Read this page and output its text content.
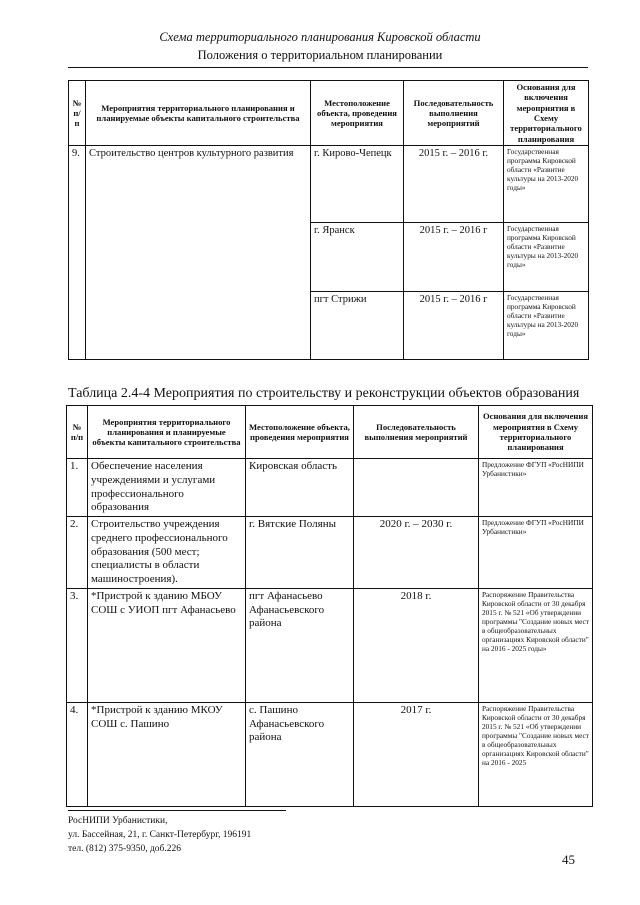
Схема территориального планирования Кировской области
Положения о территориальном планировании
№ п/п	Мероприятия территориального планирования и планируемые объекты капитального строительства	Местоположение объекта, проведения мероприятия	Последовательность выполнения мероприятий	Основания для включения мероприятия в Схему территориального планирования
9.	Строительство центров культурного развития	г. Кирово-Чепецк	2015 г. – 2016 г.	Государственная программа Кировской области «Развитие культуры на 2013-2020 годы»
		г. Яранск	2015 г. – 2016 г	Государственная программа Кировской области «Развитие культуры на 2013-2020 годы»
		пгт Стрижи	2015 г. – 2016 г	Государственная программа Кировской области «Развитие культуры на 2013-2020 годы»
Таблица 2.4-4 Мероприятия по строительству и реконструкции объектов образования
№ п/п	Мероприятия территориального планирования и планируемые объекты капитального строительства	Местоположение объекта, проведения мероприятия	Последовательность выполнения мероприятий	Основания для включения мероприятия в Схему территориального планирования
1.	Обеспечение населения учреждениями и услугами профессионального образования	Кировская область		Предложение ФГУП «РосНИПИ Урбанистики»
2.	Строительство учреждения среднего профессионального образования (500 мест; специалисты в области машиностроения).	г. Вятские Поляны	2020 г. – 2030 г.	Предложение ФГУП «РосНИПИ Урбанистики»
3.	*Пристрой к зданию МБОУ СОШ с УИОП пгт Афанасьево	пгт Афанасьево Афанасьевского района	2018 г.	Распоряжение Правительства Кировской области от 30 декабря 2015 г. № 521 «Об утверждении программы "Создание новых мест в общеобразовательных организациях Кировской области" на 2016 - 2025 годы»
4.	*Пристрой к зданию МКОУ СОШ с. Пашино	с. Пашино Афанасьевского района	2017 г.	Распоряжение Правительства Кировской области от 30 декабря 2015 г. № 521 «Об утверждении программы "Создание новых мест в общеобразовательных организациях Кировской области" на 2016 - 2025
РосНИПИ Урбанистики,
ул. Бассейная, 21, г. Санкт-Петербург, 196191
тел. (812) 375-9350, доб.226
45
